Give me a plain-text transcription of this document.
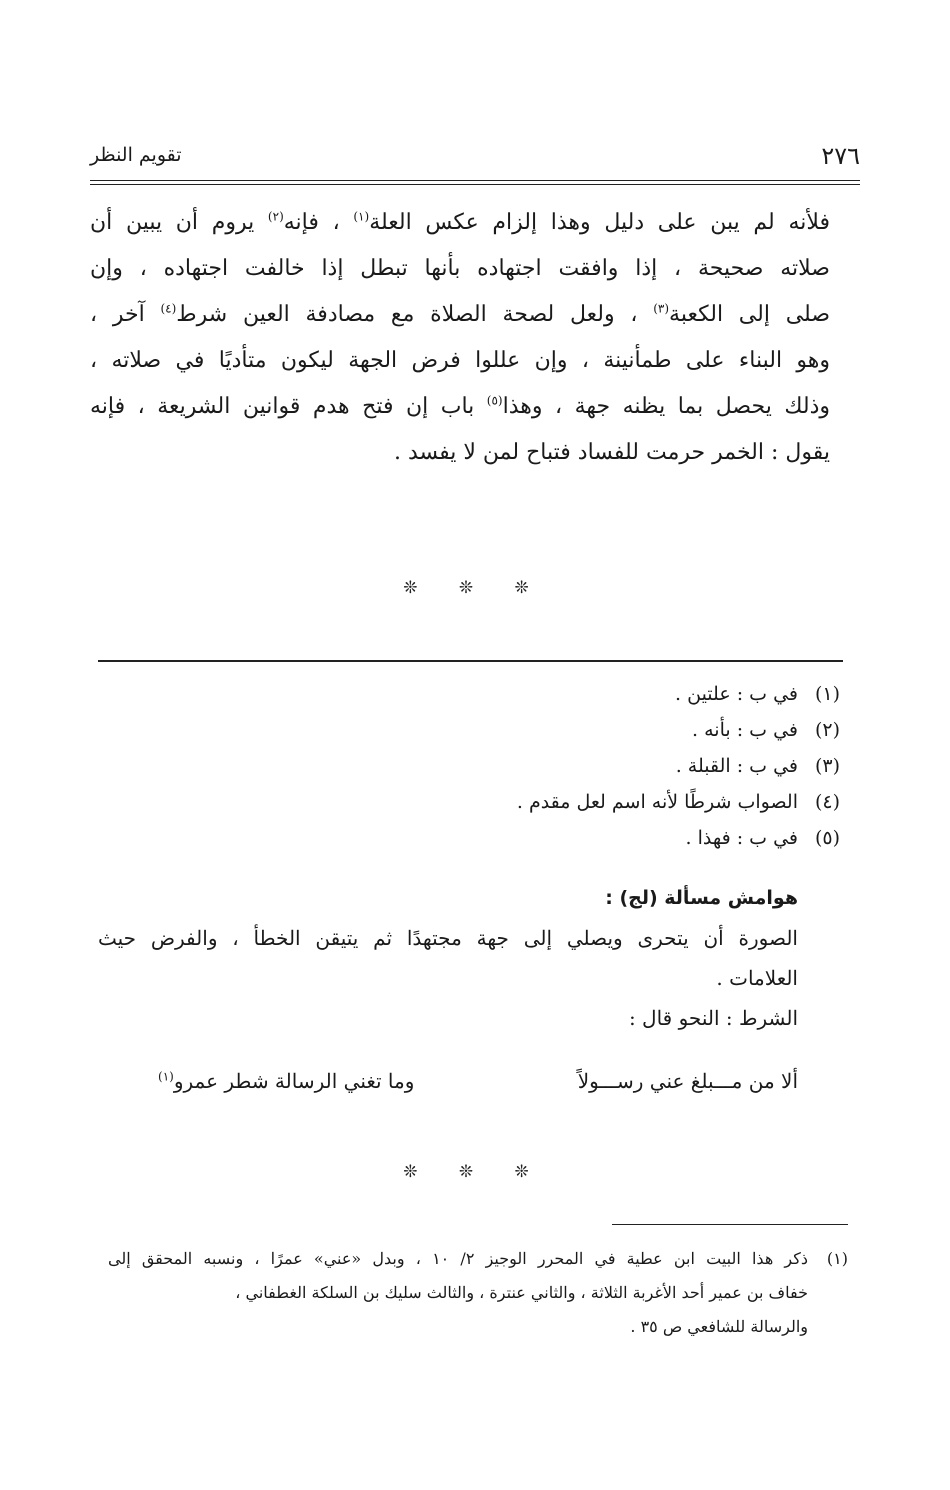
٢٧٦
تقويم النظر
فلأنه لم يبن على دليل وهذا إلزام عكس العلة$^{(١)}$ ، فإنه$^{(٢)}$ يروم أن يبين أن
صلاته صحيحة ، إذا وافقت اجتهاده بأنها تبطل إذا خالفت اجتهاده ، وإن
صلى إلى الكعبة$^{(٣)}$ ، ولعل لصحة الصلاة مع مصادفة العين شرط$^{(٤)}$ آخر ،
وهو البناء على طمأنينة ، وإن عللوا فرض الجهة ليكون متأديًا في صلاته ،
وذلك يحصل بما يظنه جهة ، وهذا$^{(٥)}$ باب إن فتح هدم قوانين الشريعة ، فإنه
يقول : الخمر حرمت للفساد فتباح لمن لا يفسد .
❊ ❊ ❊
(١)في ب : علتين .
(٢)في ب : بأنه .
(٣)في ب : القبلة .
(٤)الصواب شرطًا لأنه اسم لعل مقدم .
(٥)في ب : فهذا .
هوامش مسألة (لج) :
الصورة أن يتحرى ويصلي إلى جهة مجتهدًا ثم يتيقن الخطأ ، والفرض حيث
العلامات .
الشرط : النحو قال :
ألا من مـــبلغ عني رســـولاً
وما تغني الرسالة شطر عمرو$^{(١)}$
❊ ❊ ❊
(١)ذكر هذا البيت ابن عطية في المحرر الوجيز ٢/ ١٠ ، وبدل «عني» عمرًا ، ونسبه المحقق إلى
خفاف بن عمير أحد الأغربة الثلاثة ، والثاني عنترة ، والثالث سليك بن السلكة الغطفاني ،
والرسالة للشافعي ص ٣٥ .
